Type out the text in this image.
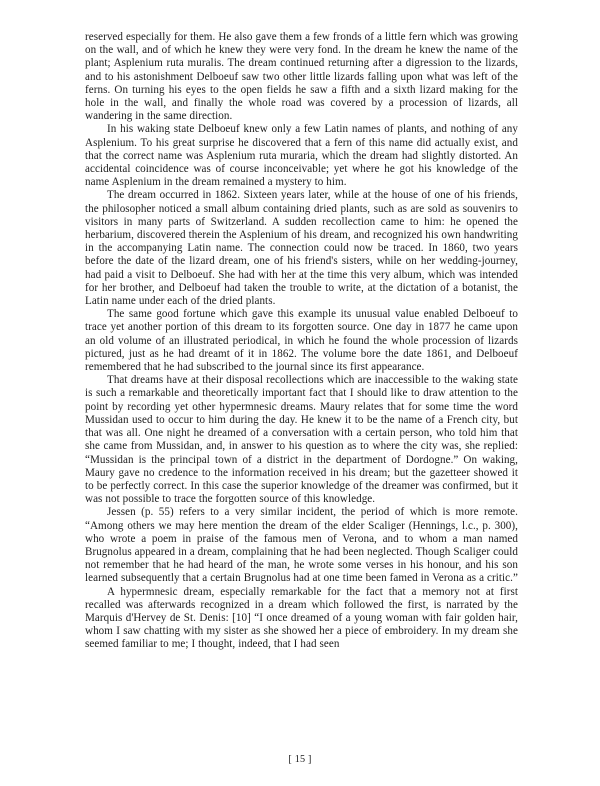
reserved especially for them. He also gave them a few fronds of a little fern which was growing on the wall, and of which he knew they were very fond. In the dream he knew the name of the plant; Asplenium ruta muralis. The dream continued returning after a digression to the lizards, and to his astonishment Delboeuf saw two other little lizards falling upon what was left of the ferns. On turning his eyes to the open fields he saw a fifth and a sixth lizard making for the hole in the wall, and finally the whole road was covered by a procession of lizards, all wandering in the same direction.

In his waking state Delboeuf knew only a few Latin names of plants, and nothing of any Asplenium. To his great surprise he discovered that a fern of this name did actually exist, and that the correct name was Asplenium ruta muraria, which the dream had slightly distorted. An accidental coincidence was of course inconceivable; yet where he got his knowledge of the name Asplenium in the dream remained a mystery to him.

The dream occurred in 1862. Sixteen years later, while at the house of one of his friends, the philosopher noticed a small album containing dried plants, such as are sold as souvenirs to visitors in many parts of Switzerland. A sudden recollection came to him: he opened the herbarium, discovered therein the Asplenium of his dream, and recognized his own handwriting in the accompanying Latin name. The connection could now be traced. In 1860, two years before the date of the lizard dream, one of his friend's sisters, while on her wedding-journey, had paid a visit to Delboeuf. She had with her at the time this very album, which was intended for her brother, and Delboeuf had taken the trouble to write, at the dictation of a botanist, the Latin name under each of the dried plants.

The same good fortune which gave this example its unusual value enabled Delboeuf to trace yet another portion of this dream to its forgotten source. One day in 1877 he came upon an old volume of an illustrated periodical, in which he found the whole procession of lizards pictured, just as he had dreamt of it in 1862. The volume bore the date 1861, and Delboeuf remembered that he had subscribed to the journal since its first appearance.

That dreams have at their disposal recollections which are inaccessible to the waking state is such a remarkable and theoretically important fact that I should like to draw attention to the point by recording yet other hypermnesic dreams. Maury relates that for some time the word Mussidan used to occur to him during the day. He knew it to be the name of a French city, but that was all. One night he dreamed of a conversation with a certain person, who told him that she came from Mussidan, and, in answer to his question as to where the city was, she replied: “Mussidan is the principal town of a district in the department of Dordogne.” On waking, Maury gave no credence to the information received in his dream; but the gazetteer showed it to be perfectly correct. In this case the superior knowledge of the dreamer was confirmed, but it was not possible to trace the forgotten source of this knowledge.

Jessen (p. 55) refers to a very similar incident, the period of which is more remote. “Among others we may here mention the dream of the elder Scaliger (Hennings, l.c., p. 300), who wrote a poem in praise of the famous men of Verona, and to whom a man named Brugnolus appeared in a dream, complaining that he had been neglected. Though Scaliger could not remember that he had heard of the man, he wrote some verses in his honour, and his son learned subsequently that a certain Brugnolus had at one time been famed in Verona as a critic.”

A hypermnesic dream, especially remarkable for the fact that a memory not at first recalled was afterwards recognized in a dream which followed the first, is narrated by the Marquis d'Hervey de St. Denis: [10] “I once dreamed of a young woman with fair golden hair, whom I saw chatting with my sister as she showed her a piece of embroidery. In my dream she seemed familiar to me; I thought, indeed, that I had seen

[ 15 ]
